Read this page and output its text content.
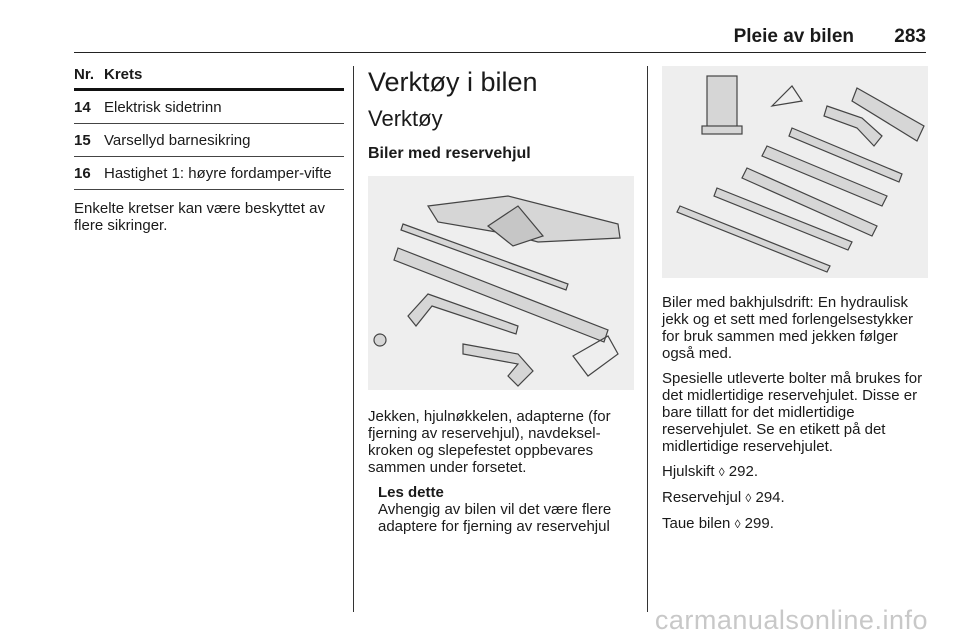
Pleie av bilen 283
Nr. Krets
14 Elektrisk sidetrinn
15 Varsellyd barnesikring
16 Hastighet 1: høyre fordamper-vifte

Enkelte kretser kan være beskyttet av flere sikringer.

Verktøy i bilen
Verktøy
Biler med reservehjul

Jekken, hjulnøkkelen, adapterne (for fjerning av reservehjul), navdeksel-kroken og slepefestet oppbevares sammen under forsetet.

Les dette
Avhengig av bilen vil det være flere adaptere for fjerning av reservehjul

Biler med bakhjulsdrift: En hydraulisk jekk og et sett med forlengelsestykker for bruk sammen med jekken følger også med.

Spesielle utleverte bolter må brukes for det midlertidige reservehjulet. Disse er bare tillatt for det midlertidige reservehjulet. Se en etikett på det midlertidige reservehjulet.

Hjulskift ◊ 292.

Reservehjul ◊ 294.

Taue bilen ◊ 299.

carmanualsonline.info
